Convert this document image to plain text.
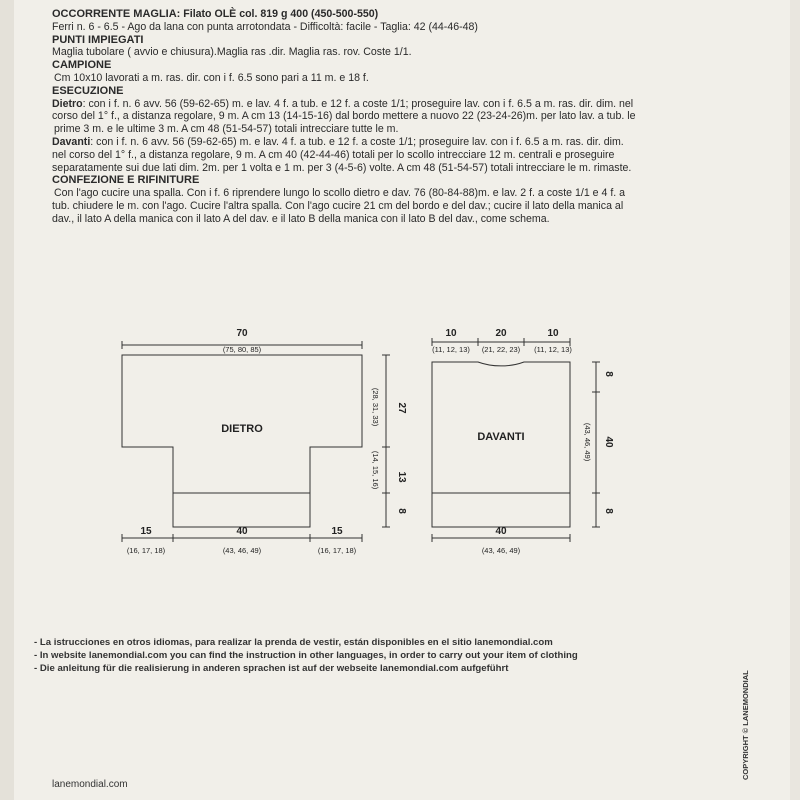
OCCORRENTE MAGLIA: Filato OLÈ col. 819 g 400 (450-500-550)

Ferri n. 6 - 6.5 - Ago da lana con punta arrotondata - Difficoltà: facile - Taglia: 42 (44-46-48)

PUNTI IMPIEGATI

Maglia tubolare ( avvio e chiusura).Maglia ras .dir. Maglia ras. rov. Coste 1/1.

CAMPIONE

Cm 10x10 lavorati a m. ras. dir. con i f. 6.5 sono pari a 11 m. e 18 f.

ESECUZIONE

Dietro: con i f. n. 6 avv. 56 (59-62-65) m. e lav. 4 f. a tub. e 12 f. a coste 1/1; proseguire lav. con i f. 6.5 a m. ras. dir. dim. nel

corso del 1° f., a distanza regolare, 9 m. A cm 13 (14-15-16) dal bordo mettere a nuovo 22 (23-24-26)m. per lato lav. a tub. le

prime 3 m. e le ultime 3 m. A cm 48 (51-54-57) totali intrecciare tutte le m.

Davanti: con i f. n. 6 avv. 56 (59-62-65) m. e lav. 4 f. a tub. e 12 f. a coste 1/1; proseguire lav. con i f. 6.5 a m. ras. dir. dim.

nel corso del 1° f., a distanza regolare, 9 m. A cm 40 (42-44-46) totali per lo scollo intrecciare 12 m. centrali e proseguire

separatamente sui due lati dim. 2m. per 1 volta e 1 m. per 3 (4-5-6) volte. A cm 48 (51-54-57) totali intrecciare le m. rimaste.

CONFEZIONE E RIFINITURE

Con l'ago cucire una spalla. Con i f. 6 riprendere lungo lo scollo dietro e dav. 76 (80-84-88)m. e lav. 2 f. a coste 1/1 e 4 f. a

tub. chiudere le m. con l'ago. Cucire l'altra spalla. Con l'ago cucire 21 cm del bordo e del dav.; cucire il lato della manica al

dav., il lato A della manica con il lato A del dav. e il lato B della manica con il lato B del dav., come schema.

70
(75, 80, 85)
DIETRO
27
(28, 31, 33)
13
(14, 15, 16)
8
15
(16, 17, 18)
40
(43, 46, 49)
15
(16, 17, 18)
10
(11, 12, 13)
20
(21, 22, 23)
10
(11, 12, 13)
DAVANTI
8
40
(43, 46, 49)
8
40
(43, 46, 49)

- La istrucciones en otros idiomas, para realizar la prenda de vestir, están disponibles en el sitio lanemondial.com

- In website lanemondial.com you can find the instruction in other languages, in order to carry out your item of clothing

- Die anleitung für die realisierung in anderen sprachen ist auf der webseite lanemondial.com aufgeführt

lanemondial.com
COPYRIGHT © LANEMONDIAL
